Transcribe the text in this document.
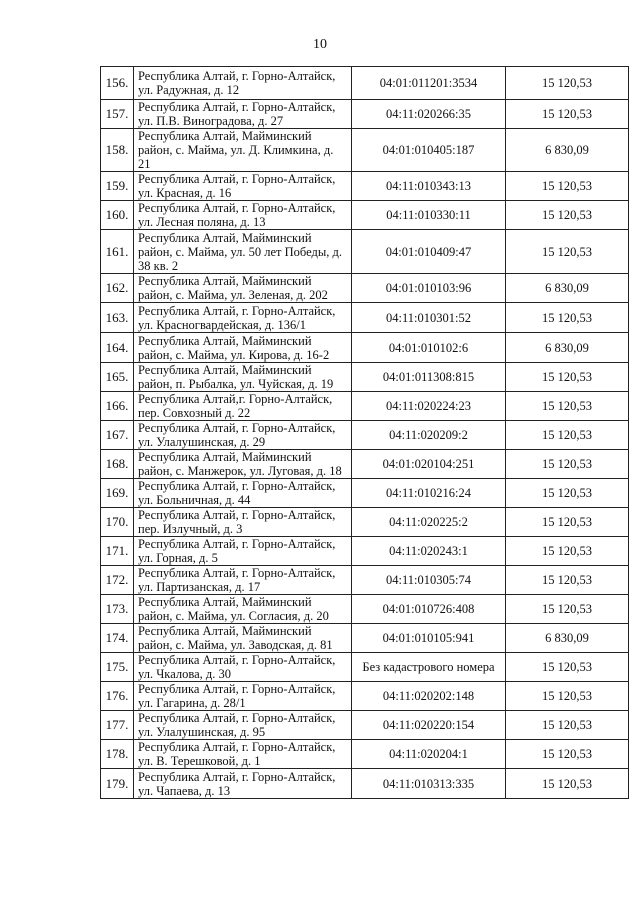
10
156.	Республика Алтай, г. Горно-Алтайск, ул. Радужная, д. 12	04:01:011201:3534	15 120,53
157.	Республика Алтай, г. Горно-Алтайск, ул. П.В. Виноградова, д. 27	04:11:020266:35	15 120,53
158.	Республика Алтай, Майминский район, с. Майма, ул. Д. Климкина, д. 21	04:01:010405:187	6 830,09
159.	Республика Алтай, г. Горно-Алтайск, ул. Красная, д. 16	04:11:010343:13	15 120,53
160.	Республика Алтай, г. Горно-Алтайск, ул. Лесная поляна, д. 13	04:11:010330:11	15 120,53
161.	Республика Алтай, Майминский район, с. Майма, ул. 50 лет Победы, д. 38 кв. 2	04:01:010409:47	15 120,53
162.	Республика Алтай, Майминский район, с. Майма, ул. Зеленая, д. 202	04:01:010103:96	6 830,09
163.	Республика Алтай, г. Горно-Алтайск, ул. Красногвардейская, д. 136/1	04:11:010301:52	15 120,53
164.	Республика Алтай, Майминский район, с. Майма, ул. Кирова, д. 16-2	04:01:010102:6	6 830,09
165.	Республика Алтай, Майминский район, п. Рыбалка, ул. Чуйская, д. 19	04:01:011308:815	15 120,53
166.	Республика Алтай,г. Горно-Алтайск, пер. Совхозный д. 22	04:11:020224:23	15 120,53
167.	Республика Алтай, г. Горно-Алтайск, ул. Улалушинская, д. 29	04:11:020209:2	15 120,53
168.	Республика Алтай, Майминский район, с. Манжерок, ул. Луговая, д. 18	04:01:020104:251	15 120,53
169.	Республика Алтай, г. Горно-Алтайск, ул. Больничная, д. 44	04:11:010216:24	15 120,53
170.	Республика Алтай, г. Горно-Алтайск, пер. Излучный, д. 3	04:11:020225:2	15 120,53
171.	Республика Алтай, г. Горно-Алтайск, ул. Горная, д. 5	04:11:020243:1	15 120,53
172.	Республика Алтай, г. Горно-Алтайск, ул. Партизанская, д. 17	04:11:010305:74	15 120,53
173.	Республика Алтай, Майминский район, с. Майма, ул. Согласия, д. 20	04:01:010726:408	15 120,53
174.	Республика Алтай, Майминский район, с. Майма, ул. Заводская, д. 81	04:01:010105:941	6 830,09
175.	Республика Алтай, г. Горно-Алтайск, ул. Чкалова, д. 30	Без кадастрового номера	15 120,53
176.	Республика Алтай, г. Горно-Алтайск, ул. Гагарина, д. 28/1	04:11:020202:148	15 120,53
177.	Республика Алтай, г. Горно-Алтайск, ул. Улалушинская, д. 95	04:11:020220:154	15 120,53
178.	Республика Алтай, г. Горно-Алтайск, ул. В. Терешковой, д. 1	04:11:020204:1	15 120,53
179.	Республика Алтай, г. Горно-Алтайск, ул. Чапаева, д. 13	04:11:010313:335	15 120,53
